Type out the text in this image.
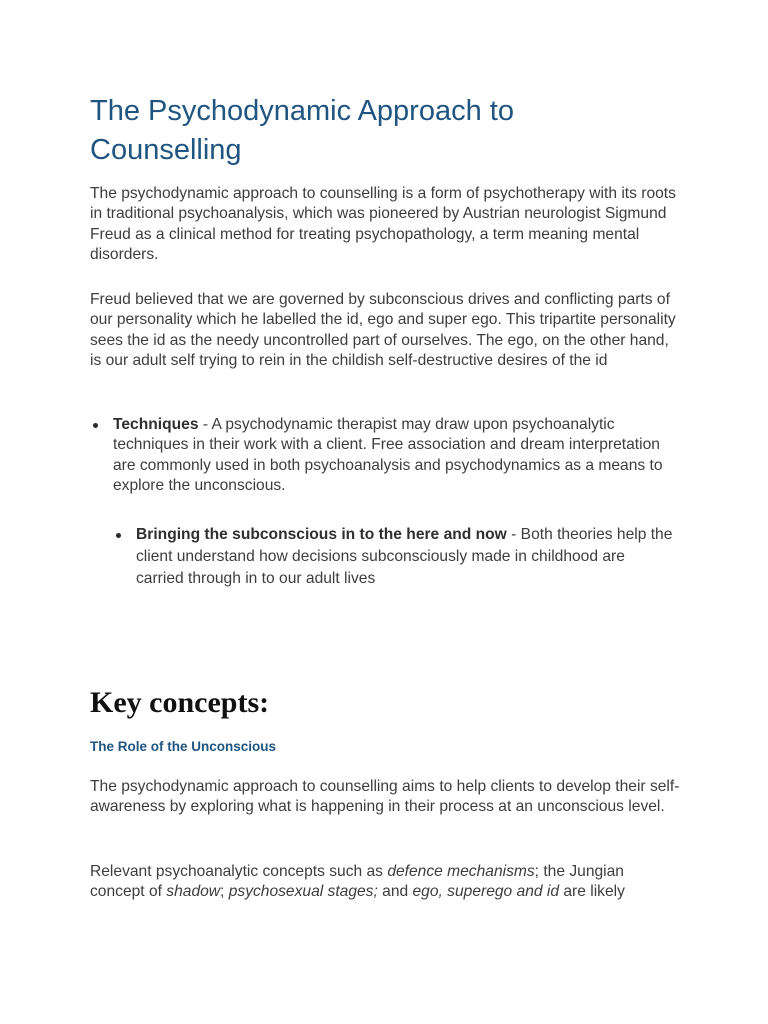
The Psychodynamic Approach to Counselling

The psychodynamic approach to counselling is a form of psychotherapy with its roots in traditional psychoanalysis, which was pioneered by Austrian neurologist Sigmund Freud as a clinical method for treating psychopathology, a term meaning mental disorders.

Freud believed that we are governed by subconscious drives and conflicting parts of our personality which he labelled the id, ego and super ego. This tripartite personality sees the id as the needy uncontrolled part of ourselves. The ego, on the other hand, is our adult self trying to rein in the childish self-destructive desires of the id

Techniques - A psychodynamic therapist may draw upon psychoanalytic techniques in their work with a client. Free association and dream interpretation are commonly used in both psychoanalysis and psychodynamics as a means to explore the unconscious.
Bringing the subconscious in to the here and now - Both theories help the client understand how decisions subconsciously made in childhood are carried through in to our adult lives
Key concepts:
The Role of the Unconscious

The psychodynamic approach to counselling aims to help clients to develop their self-awareness by exploring what is happening in their process at an unconscious level.

Relevant psychoanalytic concepts such as defence mechanisms; the Jungian concept of shadow; psychosexual stages; and ego, superego and id are likely
